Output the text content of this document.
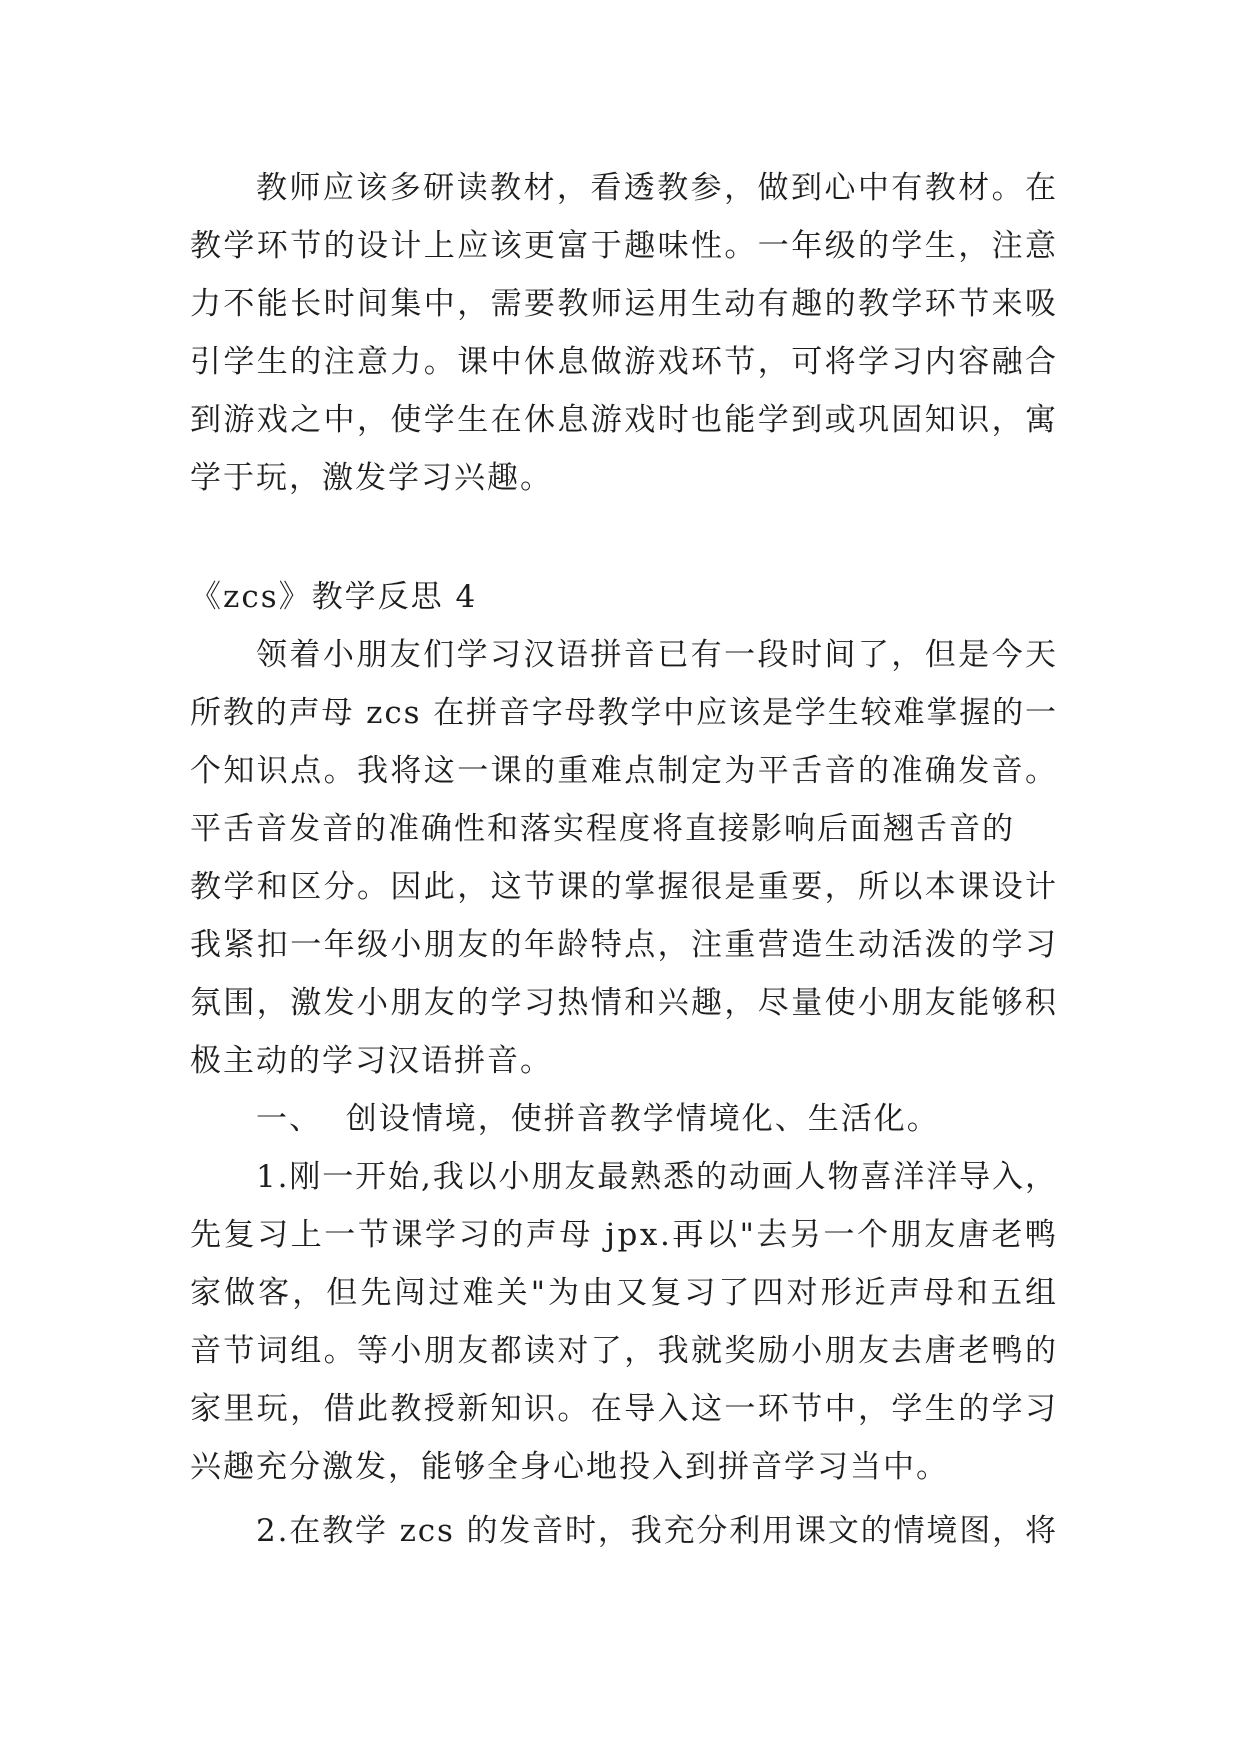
教师应该多研读教材，看透教参，做到心中有教材。在
教学环节的设计上应该更富于趣味性。一年级的学生，注意
力不能长时间集中，需要教师运用生动有趣的教学环节来吸
引学生的注意力。课中休息做游戏环节，可将学习内容融合
到游戏之中，使学生在休息游戏时也能学到或巩固知识，寓
学于玩，激发学习兴趣。
《zcs》教学反思 4
领着小朋友们学习汉语拼音已有一段时间了，但是今天
所教的声母 zcs 在拼音字母教学中应该是学生较难掌握的一
个知识点。我将这一课的重难点制定为平舌音的准确发音。
平舌音发音的准确性和落实程度将直接影响后面翘舌音的
教学和区分。因此，这节课的掌握很是重要，所以本课设计
我紧扣一年级小朋友的年龄特点，注重营造生动活泼的学习
氛围，激发小朋友的学习热情和兴趣，尽量使小朋友能够积
极主动的学习汉语拼音。
一、  创设情境，使拼音教学情境化、生活化。
1.刚一开始,我以小朋友最熟悉的动画人物喜洋洋导入，
先复习上一节课学习的声母 jpx.再以"去另一个朋友唐老鸭
家做客，但先闯过难关"为由又复习了四对形近声母和五组
音节词组。等小朋友都读对了，我就奖励小朋友去唐老鸭的
家里玩，借此教授新知识。在导入这一环节中，学生的学习
兴趣充分激发，能够全身心地投入到拼音学习当中。
2.在教学 zcs 的发音时，我充分利用课文的情境图，将
